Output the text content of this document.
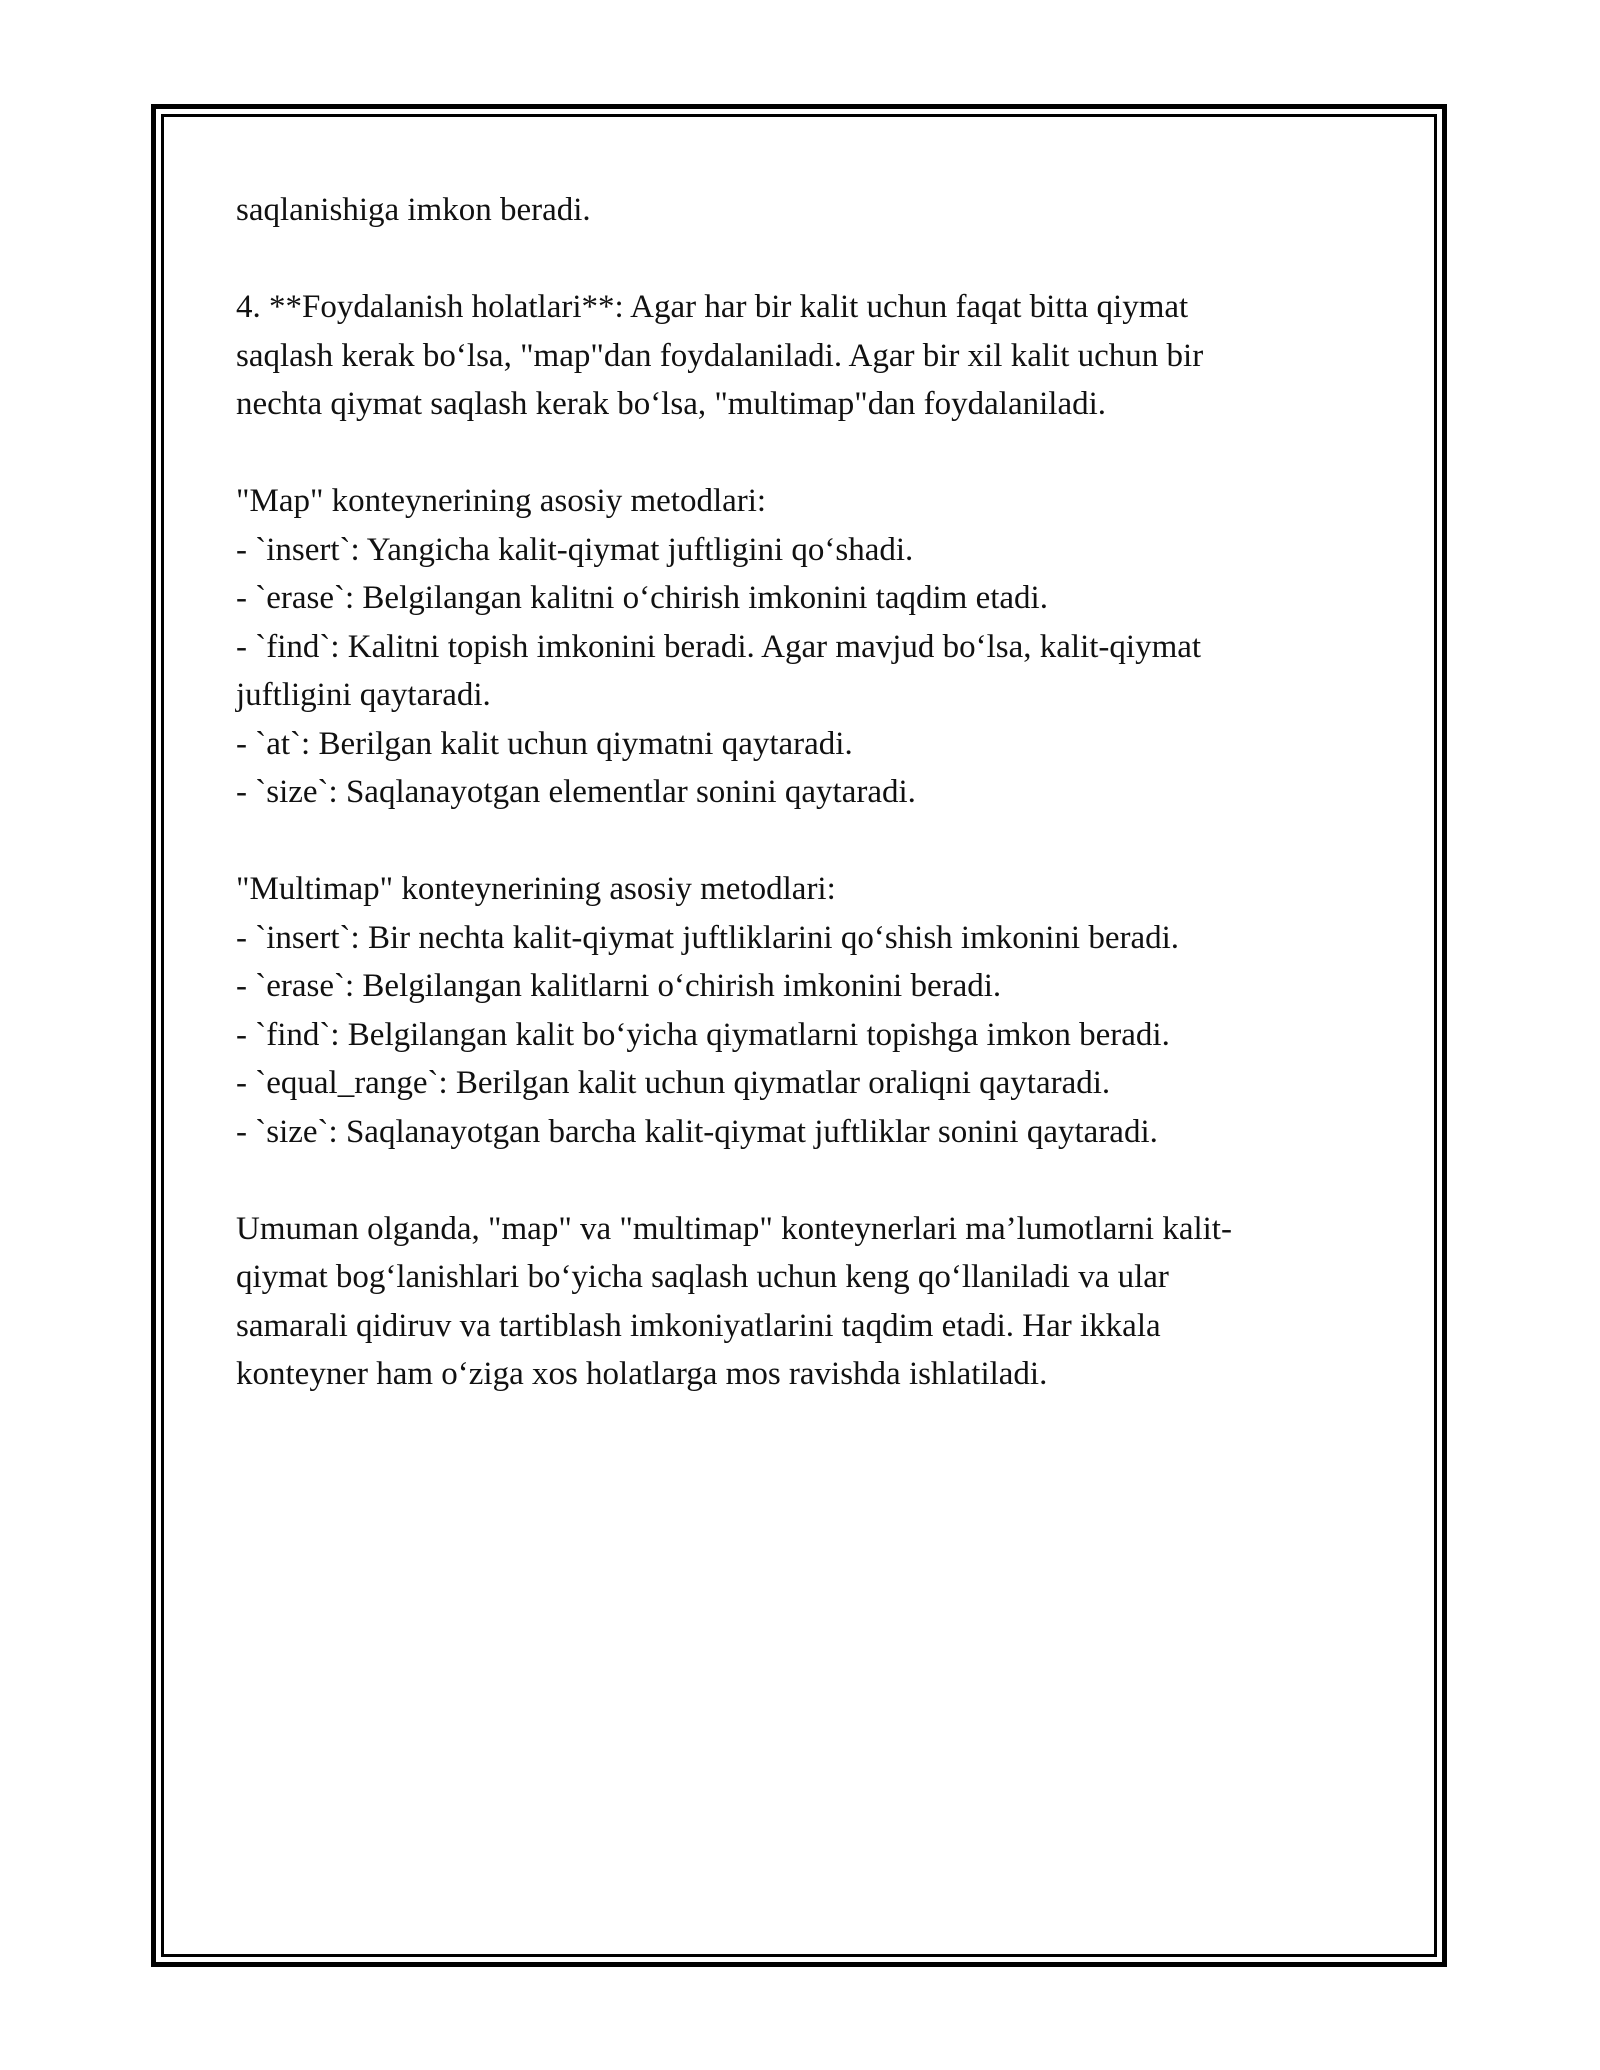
saqlanishiga imkon beradi.

4. **Foydalanish holatlari**: Agar har bir kalit uchun faqat bitta qiymat

saqlash kerak bo‘lsa, "map"dan foydalaniladi. Agar bir xil kalit uchun bir

nechta qiymat saqlash kerak bo‘lsa, "multimap"dan foydalaniladi.

"Map" konteynerining asosiy metodlari:

- `insert`: Yangicha kalit-qiymat juftligini qo‘shadi.

- `erase`: Belgilangan kalitni o‘chirish imkonini taqdim etadi.

- `find`: Kalitni topish imkonini beradi. Agar mavjud bo‘lsa, kalit-qiymat

juftligini qaytaradi.

- `at`: Berilgan kalit uchun qiymatni qaytaradi.

- `size`: Saqlanayotgan elementlar sonini qaytaradi.

"Multimap" konteynerining asosiy metodlari:

- `insert`: Bir nechta kalit-qiymat juftliklarini qo‘shish imkonini beradi.

- `erase`: Belgilangan kalitlarni o‘chirish imkonini beradi.

- `find`: Belgilangan kalit bo‘yicha qiymatlarni topishga imkon beradi.

- `equal_range`: Berilgan kalit uchun qiymatlar oraliqni qaytaradi.

- `size`: Saqlanayotgan barcha kalit-qiymat juftliklar sonini qaytaradi.

Umuman olganda, "map" va "multimap" konteynerlari ma’lumotlarni kalit-

qiymat bog‘lanishlari bo‘yicha saqlash uchun keng qo‘llaniladi va ular

samarali qidiruv va tartiblash imkoniyatlarini taqdim etadi. Har ikkala

konteyner ham o‘ziga xos holatlarga mos ravishda ishlatiladi.
